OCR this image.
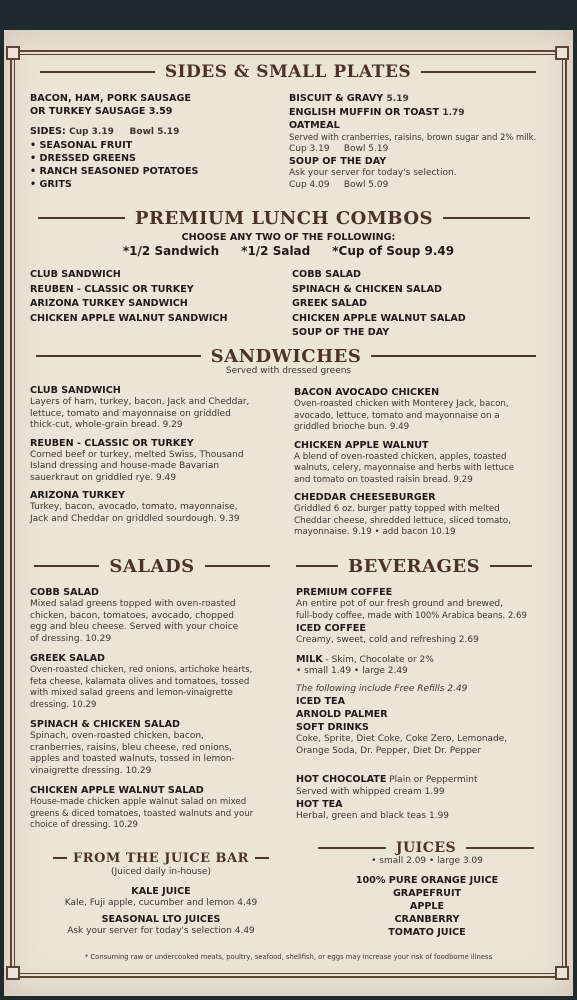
SIDES & SMALL PLATES
BACON, HAM, PORK SAUSAGE
OR TURKEY SAUSAGE 3.59
SIDES: Cup 3.19     Bowl 5.19
• SEASONAL FRUIT
• DRESSED GREENS
• RANCH SEASONED POTATOES
• GRITS
BISCUIT & GRAVY 5.19
ENGLISH MUFFIN OR TOAST 1.79
OATMEAL
Served with cranberries, raisins, brown sugar and 2% milk.
Cup 3.19     Bowl 5.19
SOUP OF THE DAY
Ask your server for today's selection.
Cup 4.09     Bowl 5.09
PREMIUM LUNCH COMBOS
CHOOSE ANY TWO OF THE FOLLOWING:
*1/2 Sandwich *1/2 Salad *Cup of Soup 9.49
CLUB SANDWICH
REUBEN - CLASSIC OR TURKEY
ARIZONA TURKEY SANDWICH
CHICKEN APPLE WALNUT SANDWICH
COBB SALAD
SPINACH & CHICKEN SALAD
GREEK SALAD
CHICKEN APPLE WALNUT SALAD
SOUP OF THE DAY
SANDWICHES
Served with dressed greens
CLUB SANDWICH
Layers of ham, turkey, bacon, Jack and Cheddar,
lettuce, tomato and mayonnaise on griddled
thick-cut, whole-grain bread. 9.29
REUBEN - CLASSIC OR TURKEY
Corned beef or turkey, melted Swiss, Thousand
Island dressing and house-made Bavarian
sauerkraut on griddled rye. 9.49
ARIZONA TURKEY
Turkey, bacon, avocado, tomato, mayonnaise,
Jack and Cheddar on griddled sourdough. 9.39
BACON AVOCADO CHICKEN
Oven-roasted chicken with Monterey Jack, bacon,
avocado, lettuce, tomato and mayonnaise on a
griddled brioche bun. 9.49
CHICKEN APPLE WALNUT
A blend of oven-roasted chicken, apples, toasted
walnuts, celery, mayonnaise and herbs with lettuce
and tomato on toasted raisin bread. 9.29
CHEDDAR CHEESEBURGER
Griddled 6 oz. burger patty topped with melted
Cheddar cheese, shredded lettuce, sliced tomato,
mayonnaise. 9.19 • add bacon 10.19
SALADS
COBB SALAD
Mixed salad greens topped with oven-roasted
chicken, bacon, tomatoes, avocado, chopped
egg and bleu cheese. Served with your choice
of dressing. 10.29
GREEK SALAD
Oven-roasted chicken, red onions, artichoke hearts,
feta cheese, kalamata olives and tomatoes, tossed
with mixed salad greens and lemon-vinaigrette
dressing. 10.29
SPINACH & CHICKEN SALAD
Spinach, oven-roasted chicken, bacon,
cranberries, raisins, bleu cheese, red onions,
apples and toasted walnuts, tossed in lemon-
vinaigrette dressing. 10.29
CHICKEN APPLE WALNUT SALAD
House-made chicken apple walnut salad on mixed
greens & diced tomatoes, toasted walnuts and your
choice of dressing. 10.29
BEVERAGES
PREMIUM COFFEE
An entire pot of our fresh ground and brewed,
full-body coffee, made with 100% Arabica beans. 2.69
ICED COFFEE
Creamy, sweet, cold and refreshing 2.69
MILK - Skim, Chocolate or 2%
• small 1.49 • large 2.49
The following include Free Refills 2.49
ICED TEA
ARNOLD PALMER
SOFT DRINKS
Coke, Sprite, Diet Coke, Coke Zero, Lemonade,
Orange Soda, Dr. Pepper, Diet Dr. Pepper
HOT CHOCOLATE Plain or Peppermint
Served with whipped cream 1.99
HOT TEA
Herbal, green and black teas 1.99
FROM THE JUICE BAR
(Juiced daily in-house)
KALE JUICE
Kale, Fuji apple, cucumber and lemon 4.49
SEASONAL LTO JUICES
Ask your server for today's selection 4.49
JUICES
• small 2.09 • large 3.09
100% PURE ORANGE JUICE
GRAPEFRUIT
APPLE
CRANBERRY
TOMATO JUICE
* Consuming raw or undercooked meats, poultry, seafood, shellfish, or eggs may increase your risk of foodborne illness
